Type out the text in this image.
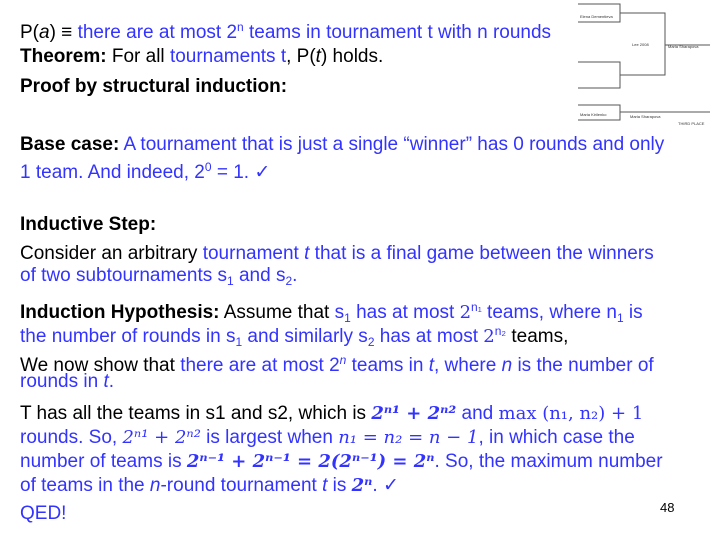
Elena Dementieva
Lee 2008	Maria Sharapova
Maria Kirilenko	Maria Sharapova
THIRD PLACE
P(a) ≡ there are at most 2$^n$ teams in tournament t with n rounds
Theorem: For all tournaments t, P(t) holds.
Proof by structural induction:
Base case: A tournament that is just a single “winner” has 0 rounds and only
1 team. And indeed, $2^0 = 1$. ✓
Inductive Step:
Consider an arbitrary tournament t that is a final game between the winners
of two subtournaments $s_1$ and $s_2$.
Induction Hypothesis: Assume that $s_1$ has at most $2^{n_1}$ teams, where $n_1$ is
the number of rounds in $s_1$ and similarly $s_2$ has at most $2^{n_2}$ teams,
We now show that there are at most 2$^n$ teams in t, where n is the number of
rounds in t.
T has all the teams in s1 and s2, which is 2ⁿ¹ + 2ⁿ² and max (n₁, n₂) + 1
rounds. So, 2ⁿ¹ + 2ⁿ² is largest when n₁ = n₂ = n − 1, in which case the
number of teams is 2ⁿ⁻¹ + 2ⁿ⁻¹ = 2(2ⁿ⁻¹) = 2ⁿ. So, the maximum number
of teams in the n-round tournament t is 2ⁿ. ✓
QED!	48
